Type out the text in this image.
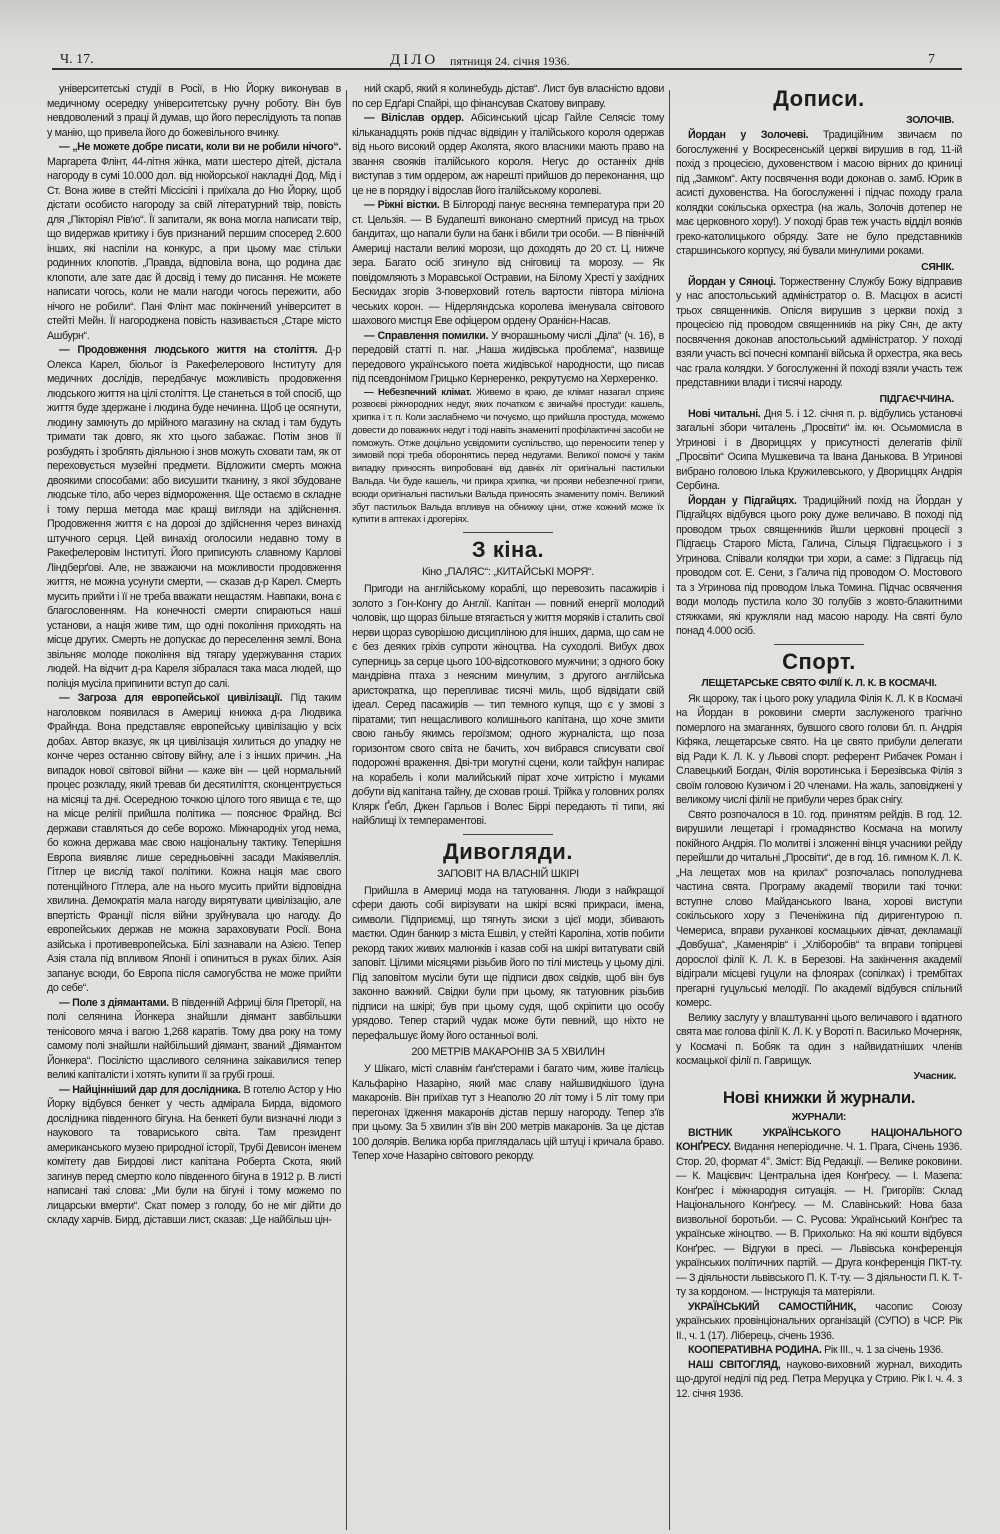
Ч. 17.	ДІЛО пятниця 24. січня 1936.	7
університетські студії в Росії, в Ню Йорку виконував в медичному осередку університетську ручну роботу. Він був невдоволений з праці й думав, що його переслідують та попав у манію, що привела його до божевільного вчинку.
— „Не можете добре писати, коли ви не робили нічого“. Маргарета Флінт, 44-літня жінка, мати шестеро дітей, дістала нагороду в сумі 10.000 дол. від нюйорської накладні Дод, Мід і Ст. Вона живе в стейті Міссісіпі і приїхала до Ню Йорку, щоб дістати особисто нагороду за свій літературний твір, повість для „Пікторіял Рів'ю“. Її запитали, як вона могла написати твір, що видержав критику і був признаний першим спосеред 2.600 інших, які наспіли на конкурс, а при цьому має стільки родинних клопотів. „Правда, відповіла вона, що родина дає клопоти, але зате дає й досвід і тему до писання. Не можете написати чогось, коли не мали нагоди чогось пережити, або нічого не робили“. Пані Флінт має покінчений університет в стейті Мейн. Її нагороджена повість називається „Старе місто Ашбурн“.
— Продовження людського життя на століття. Д-р Олекса Карел, біольог із Ракефелерового Інституту для медичних дослідів, передбачує можливість продовження людського життя на цілі століття. Це станеться в той спосіб, що життя буде здержане і людина буде нечинна. Щоб це осягнути, людину замкнуть до мрійного магазину на склад і там будуть тримати так довго, як хто цього забажає. Потім знов її розбудять і зроблять діяльною і знов можуть сховати там, як от переховується музейні предмети. Відложити смерть можна двоякими способами: або висушити тканину, з якої збудоване людське тіло, або через відмороження. Ще остаємо в складне і тому перша метода має кращі вигляди на здійснення. Продовження життя є на дорозі до здійснення через винахід штучного серця. Цей винахід оголосили недавно тому в Ракефелеровім Інституті. Його приписують славному Карлові Ліндберґові. Але, не зважаючи на можливости продовження життя, не можна усунути смерти, — сказав д-р Карел. Смерть мусить прийти і її не треба вважати нещастям. Навпаки, вона є благословенням. На конечності смерти спираються наші установи, а нація живе тим, що одні покоління приходять на місце других. Смерть не допускає до переселення землі. Вона звільняє молоде покоління від тягару удержування старих людей. На відчит д-ра Кареля зібралася така маса людей, що поліція мусіла припинити вступ до салі.
— Загроза для европейської цивілізації. Під таким наголовком появилася в Америці книжка д-ра Людвика Фрайнда. Вона представляє европейську цивілізацію у всіх добах. Автор вказує, як ця цивілізація хилиться до упадку не конче через останню світову війну, але і з інших причин. „На випадок нової світової війни — каже він — цей нормальний процес розкладу, який тревав би десятиліття, сконцентрується на місяці та дні. Осередною точкою цілого того явища є те, що на місце релігії прийшла політика — пояснює Фрайнд. Всі держави ставляться до себе ворожо. Міжнародніх угод нема, бо кожна держава має свою національну тактику. Теперішня Европа виявляє лише середньовічні засади Макіявеллія. Гітлер це вислід такої політики. Кожна нація має свого потенційного Гітлера, але на нього мусить прийти відповідна хвилина. Демократія мала нагоду вирятувати цивілізацію, але впертість Франції після війни зруйнувала цю нагоду. До европейських держав не можна зараховувати Росії. Вона азійська і противевропейська. Білі зазнавали на Азією. Тепер Азія стала під впливом Японії і опиниться в руках білих. Азія запанує всюди, бо Европа після самогубства не може прийти до себе“.
— Поле з діямантами. В південній Африці біля Преторії, на полі селянина Йонкера знайшли діямант завбільшки тенісового мяча і вагою 1,268 каратів. Тому два року на тому самому полі знайшли найбільший діямант, званий „Діямантом Йонкера“. Посілістю щасливого селянина заікавилися тепер великі капіталісти і хотять купити її за грубі гроші.
— Найцінніший дар для дослідника. В готелю Астор у Ню Йорку відбувся бенкет у честь адмірала Бирда, відомого дослідника південного бігуна. На бенкеті були визначні люди з наукового та товариського світа. Там президент американського музею природної історії, Трубі Девисон іменем комітету дав Бирдові лист капітана Роберта Скота, який загинув перед смертю коло південного бігуна в 1912 р. В листі написані такі слова: „Ми були на бігуні і тому можемо по лицарськи вмерти“. Скат помер з голоду, бо не міг дійти до складу харчів. Бирд, діставши лист, сказав: „Це найбільш цін-
ний скарб, який я колинебудь дістав“. Лист був власністю вдови по сер Едґарі Спайрі, що фінансував Скатову виправу.
— Віліслав ордер. Абісинський цісар Гайле Селясіє тому кільканадцять років підчас відвідин у італійського короля одержав від нього високий ордер Аколята, якого власники мають право на звання свояків італійського короля. Негус до останніх днів виступав з тим ордером, аж нарешті прийшов до переконання, що це не в порядку і відослав його італійському королеві.
— Ріжні вістки. В Білгороді панує весняна температура при 20 ст. Цельзія. — В Будапешті виконано смертний присуд на трьох бандитах, що напали були на банк і вбили три особи. — В північній Америці настали великі морози, що доходять до 20 ст. Ц. нижче зера. Багато осіб згинуло від сніговиці та морозу. — Як повідомляють з Моравської Остравии, на Білому Хресті у західних Бескидах згорів 3-поверховий готель вартости півтора міліона чеських корон. — Нідерляндська королева іменувала світового шахового мистця Еве офіцером ордену Оранієн-Насав.
— Справлення помилки. У вчорашньому числі „Діла“ (ч. 16), в передовій статті п. наг. „Наша жидівська проблема“, назвище передового українського поета жидівської народности, що писав під псевдонімом Грицько Кернеренко, рекрутуємо на Херхеренко.
— Небезпечний клімат. Живемо в краю, де клімат назагал сприяє розвоєві ріжнородних недуг, яких початком є звичайні простуди: кашель, хрипка і т. п. Коли заслабнемо чи почуємо, що прийшла простуда, можемо довести до поважних недуг і тоді навіть знамениті профілактичні засоби не поможуть. Отже доцільно усвідомити суспільство, що переносити тепер у зимовій порі треба оборонятись перед недугами. Великої помочі у такім випадку приносять випробовані від давніх літ оригінальні пастильки Вальда. Чи буде кашель, чи прикра хрипка, чи прояви небезпечної грипи, всюди оригінальні пастильки Вальда приносять знамениту поміч. Великий збут пастильок Вальда впливув на обнижку ціни, отже кожний може їх купити в аптеках і дрогеріях.
З кіна.
Кіно „ПАЛЯС“: „КИТАЙСЬКІ МОРЯ“.
Пригоди на англійському кораблі, що перевозить пасажирів і золото з Гон-Конгу до Англії. Капітан — повний енергії молодий чоловік, що щораз більше втягається у життя моряків і сталить свої нерви щораз суворішою дисципліною для інших, дарма, що сам не є без деяких гріхів супроти жіноцтва. На суходолі. Вибух двох суперниць за серце цього 100-відсоткового мужчини; з одного боку мандрівна птаха з неясним минулим, з другого англійська аристократка, що перепливає тисячі миль, щоб відвідати свій ідеал. Серед пасажирів — тип темного купця, що є у змові з піратами; тип нещасливого колишнього капітана, що хоче змити свою ганьбу якимсь героїзмом; одного журналіста, що поза горизонтом свого світа не бачить, хоч вибрався списувати свої подорожні враження. Дві-три могутні сцени, коли тайфун напирає на корабель і коли малийський пірат хоче хитрістю і муками добути від капітана тайну, де сховав гроші. Трійка у головних ролях Клярк Ґебл, Джен Гарльов і Волес Біррі передають ті типи, які найблищі їх темпераментові.
Дивогляди.
ЗАПОВІТ НА ВЛАСНІЙ ШКІРІ
Прийшла в Америці мода на татуювання. Люди з найкращої сфери дають собі вирізувати на шкірі всякі прикраси, імена, символи. Підприємці, що тягнуть зиски з цієї моди, збивають маєтки. Один банкир з міста Ешвіл, у стейті Кароліна, хотів побити рекорд таких живих малюнків і казав собі на шкірі витатувати свій заповіт. Цілими місяцями різьбив його по тілі мистець у цьому ділі. Під заповітом мусіли бути ще підписи двох свідків, щоб він був законно важний. Свідки були при цьому, як татуювник різьбив підписи на шкірі; був при цьому судя, щоб скріпити цю особу урядово. Тепер старий чудак може бути певний, що ніхто не перефальшує йому його останньої волі.
200 МЕТРІВ МАКАРОНІВ ЗА 5 ХВИЛИН
У Шікаго, місті славнім ґанґстерами і багато чим, живе італієць Кальфаріно Назаріно, який має славу найшвидкішого їдуна макаронів. Він приїхав тут з Неаполю 20 літ тому і 5 літ тому при перегонах їдження макаронів дістав першу нагороду. Тепер з'їв при цьому. За 5 хвилин з'їв він 200 метрів макаронів. За це дістав 100 долярів. Велика юрба приглядалась цій штуці і кричала браво. Тепер хоче Назаріно світового рекорду.
Дописи.
ЗОЛОЧІВ.
Йордан у Золочеві. Традиційним звичаєм по богослуженні у Воскресенській церкві вирушив в год. 11-ій похід з процесією, духовенством і масою вірних до криниці під „Замком“. Акту посвячення води доконав о. замб. Юрик в асисті духовенства. На богослуженні і підчас походу грала колядки сокільська орхестра (на жаль, Золочів дотепер не має церковного хору!). У поході брав теж участь відділ вояків греко-католицького обряду. Зате не було представників старшинського корпусу, які бували минулими роками.
СЯНІК.
Йордан у Сяноці. Торжественну Службу Божу відправив у нас апостольський адміністратор о. В. Масцюх в асисті трьох священників. Опісля вирушив з церкви похід з процесією під проводом священників на ріку Сян, де акту посвячення доконав апостольський адміністратор. У поході взяли участь всі почесні компанії війська й орхестра, яка весь час грала колядки. У богослуженні й поході взяли участь теж представники влади і тисячі народу.
ПІДГАЄЧЧИНА.
Нові читальні. Дня 5. і 12. січня п. р. відбулись установчі загальні збори читалень „Просвіти“ ім. кн. Осьмомисла в Угринові і в Двориццях у присутності делегатів філії „Просвіти“ Осипа Мушкевича та Івана Данькова. В Угринові вибрано головою Ілька Кружилевського, у Двориццях Андрія Сербина.
Йордан у Підгайцях. Традиційний похід на Йордан у Підгайцях відбувся цього року дуже величаво. В поході під проводом трьох священників йшли церковні процесії з Підгаєць Старого Міста, Галича, Сільця Підгаєцького і з Угринова. Співали колядки три хори, а саме: з Підгаєць під проводом сот. Е. Сени, з Галича під проводом О. Мостового та з Угринова під проводом Ілька Томина. Підчас освячення води молодь пустила коло 30 голубів з жовто-блакитними стяжками, які кружляли над масою народу. На святі було понад 4.000 осіб.
Спорт.
ЛЕЩЕТАРСЬКЕ СВЯТО ФІЛІЇ К. Л. К. В КОСМАЧІ.
Як щороку, так і цього року уладила Філія К. Л. К в Космачі на Йордан в роковини смерти заслуженого трагічно померлого на змаганнях, бувшого свого голови бл. п. Андрія Кіфяка, лещетарське свято. На це свято прибули делегати від Ради К. Л. К. у Львові спорт. референт Рибачек Роман і Славецький Богдан, Філія воротинська і Березівська Філія з своїм головою Кузичом і 20 членами. На жаль, заповіджені у великому числі філії не прибули через брак снігу.
Свято розпочалося в 10. год. принятям рейдів. В год. 12. вирушили лещетарі і громадянство Космача на могилу покійного Андрія. По молитві і зложенні вінця учасники рейду перейшли до читальні „Просвіти“, де в год. 16. гимном К. Л. К. „На лещетах мов на крилах“ розпочалась пополуднева частина свята. Програму академії творили такі точки: вступне слово Майданського Івана, хорові виступи сокільського хору з Печеніжина під диригентурою п. Чемериса, вправи руханкові космацьких дівчат, декламації „Довбуша“, „Каменярів“ і „Хліборобів“ та вправи топірцеві дорослої філії К. Л. К. в Березові. На закінчення академії відіграли місцеві гуцули на флоярах (сопілках) і трембітах прегарні гуцульські мелодії. По академії відбувся спільний комерс.
Велику заслугу у влаштуванні цього величавого і вдатного свята має голова філії К. Л. К. у Вороті п. Василько Мочерняк, у Космачі п. Бобяк та один з найвидатніших членів космацької філії п. Гаврищук.
Учасник.
Нові книжки й журнали.
ЖУРНАЛИ:
ВІСТНИК УКРАЇНСЬКОГО НАЦІОНАЛЬНОГО КОНҐРЕСУ. Видання неперіодичне. Ч. 1. Прага, Січень 1936. Стор. 20, формат 4°. Зміст: Від Редакції. — Велике роковини. — К. Мацієвич: Центральна ідея Конґресу. — І. Мазепа: Конґрес і міжнародня ситуація. — Н. Григоріїв: Склад Національного Конґресу. — М. Славінський: Нова база визвольної боротьби. — С. Русова: Український Конґрес та українське жіноцтво. — В. Прихолько: На які кошти відбувся Конґрес. — Відгуки в пресі. — Львівська конференція українських політичних партій. — Друга конференція ПКТ-ту. — З діяльности львівського П. К. Т-ту. — З діяльности П. К. Т-ту за кордоном. — Інструкція та матеріяли.
УКРАЇНСЬКИЙ САМОСТІЙНИК, часопис Союзу українських провінціональних організацій (СУПО) в ЧСР. Рік II., ч. 1 (17). Ліберець, січень 1936.
КООПЕРАТИВНА РОДИНА. Рік III., ч. 1 за січень 1936.
НАШ СВІТОГЛЯД, науково-виховний журнал, виходить що-другої неділі під ред. Петра Меруцка у Стрию. Рік I. ч. 4. з 12. січня 1936.
